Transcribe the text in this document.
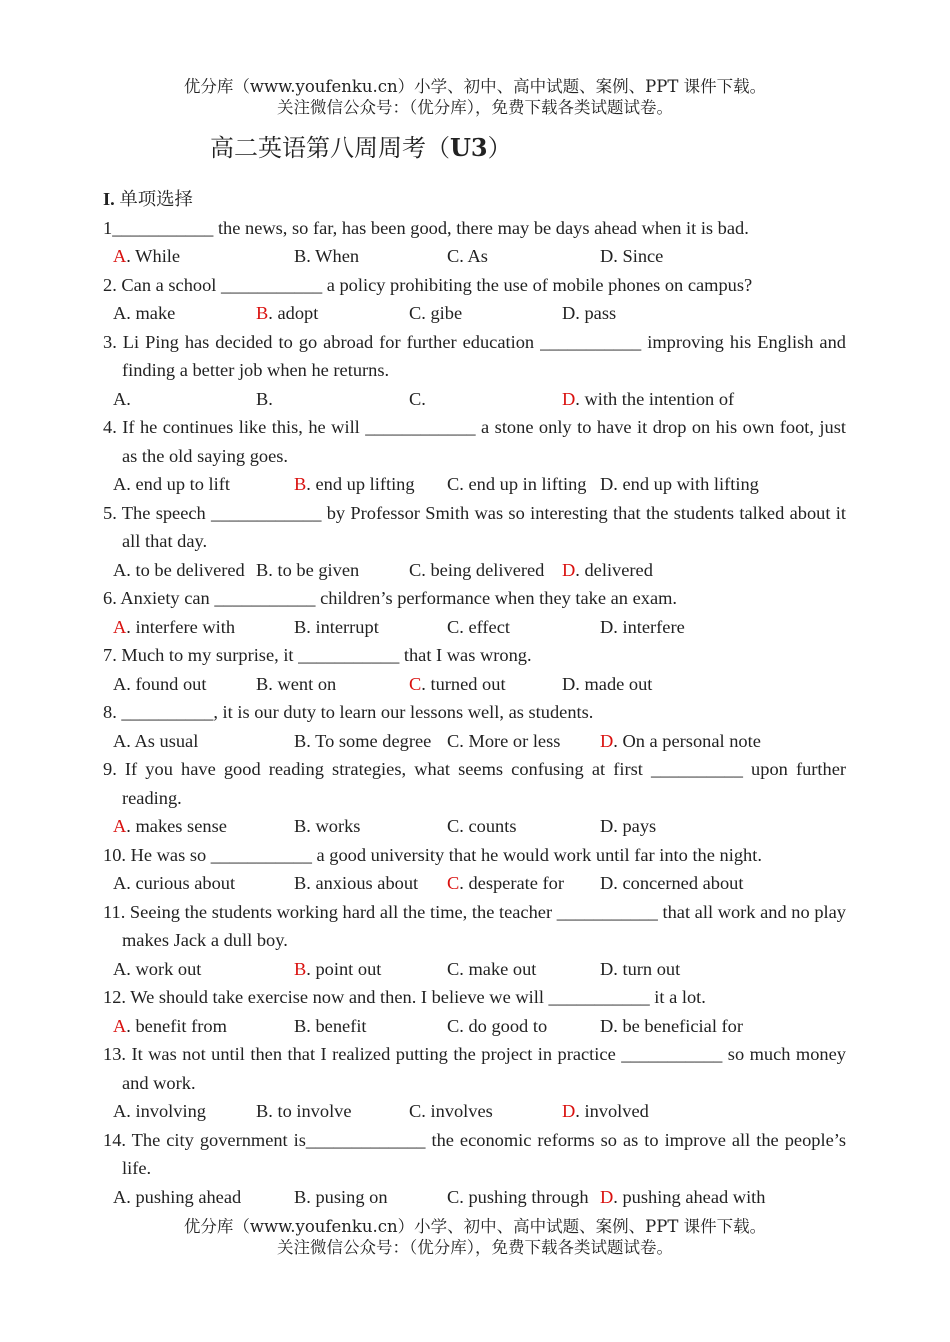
优分库（www.youfenku.cn）小学、初中、高中试题、案例、PPT 课件下载。
关注微信公众号：（优分库），免费下载各类试题试卷。
高二英语第八周周考（U3）
I. 单项选择
1___________ the news, so far, has been good, there may be days ahead when it is bad.
A. While	B. When	C. As	D. Since
2. Can a school ___________ a policy prohibiting the use of mobile phones on campus?
A. make	B. adopt	C. gibe	D. pass
3. Li Ping has decided to go abroad for further education ___________ improving his English and finding a better job when he returns.
A.	B.	C.	D. with the intention of
4. If he continues like this, he will ____________ a stone only to have it drop on his own foot, just as the old saying goes.
A. end up to lift	B. end up lifting C. end up in lifting D. end up with lifting
5. The speech ____________ by Professor Smith was so interesting that the students talked about it all that day.
A. to be delivered B. to be given	C. being delivered D. delivered
6. Anxiety can ___________ children’s performance when they take an exam.
A. interfere with	B. interrupt	C. effect	D. interfere
7. Much to my surprise, it ___________ that I was wrong.
A. found out	B. went on	C. turned out	D. made out
8. __________, it is our duty to learn our lessons well, as students.
A. As usual	B. To some degree C. More or less D. On a personal note
9. If you have good reading strategies, what seems confusing at first __________ upon further reading.
A. makes sense	B. works	C. counts	D. pays
10. He was so ___________ a good university that he would work until far into the night.
A. curious about	B. anxious about C. desperate for D. concerned about
11. Seeing the students working hard all the time, the teacher ___________ that all work and no play makes Jack a dull boy.
A. work out	B. point out	C. make out	D. turn out
12. We should take exercise now and then. I believe we will ___________ it a lot.
A. benefit from	B. benefit	C. do good to	D. be beneficial for
13. It was not until then that I realized putting the project in practice ___________ so much money and work.
A. involving	B. to involve	C. involves	D. involved
14. The city government is_____________ the economic reforms so as to improve all the people’s life.
A. pushing ahead	B. pusing on	C. pushing through D. pushing ahead with
优分库（www.youfenku.cn）小学、初中、高中试题、案例、PPT 课件下载。
关注微信公众号：（优分库），免费下载各类试题试卷。
